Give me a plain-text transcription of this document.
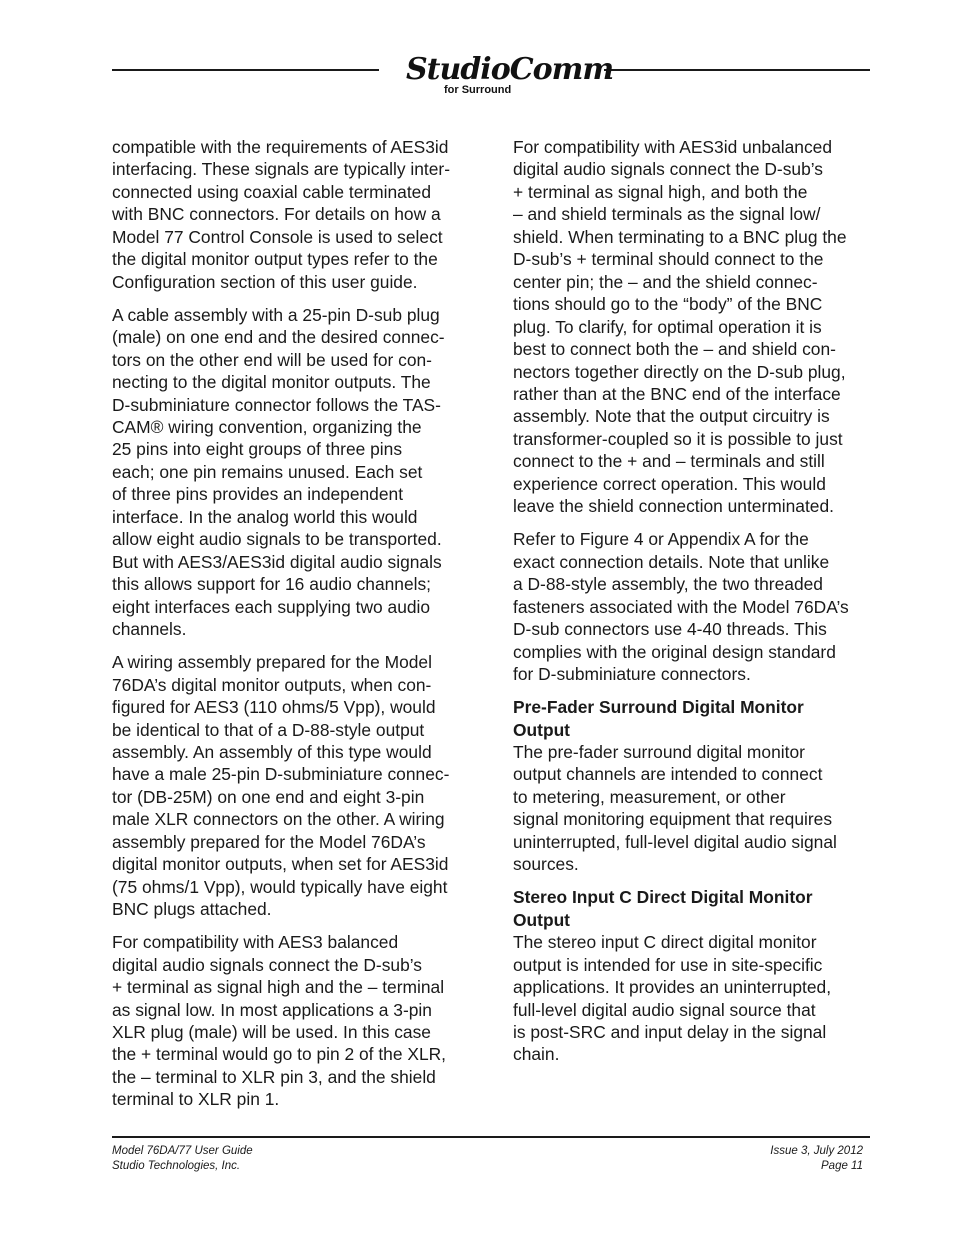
StudioComm
for Surround

compatible with the requirements of AES3id
interfacing. These signals are typically inter-
connected using coaxial cable terminated
with BNC connectors. For details on how a
Model 77 Control Console is used to select
the digital monitor output types refer to the
Configuration section of this user guide.

A cable assembly with a 25-pin D-sub plug
(male) on one end and the desired connec-
tors on the other end will be used for con-
necting to the digital monitor outputs. The
D-subminiature connector follows the TAS-
CAM® wiring convention, organizing the
25 pins into eight groups of three pins
each; one pin remains unused. Each set
of three pins provides an independent
interface. In the analog world this would
allow eight audio signals to be transported.
But with AES3/AES3id digital audio signals
this allows support for 16 audio channels;
eight interfaces each supplying two audio
channels.

A wiring assembly prepared for the Model
76DA’s digital monitor outputs, when con-
figured for AES3 (110 ohms/5 Vpp), would
be identical to that of a D-88-style output
assembly. An assembly of this type would
have a male 25-pin D-subminiature connec-
tor (DB-25M) on one end and eight 3-pin
male XLR connectors on the other. A wiring
assembly prepared for the Model 76DA’s
digital monitor outputs, when set for AES3id
(75 ohms/1 Vpp), would typically have eight
BNC plugs attached.

For compatibility with AES3 balanced
digital audio signals connect the D-sub’s
+ terminal as signal high and the – terminal
as signal low. In most applications a 3-pin
XLR plug (male) will be used. In this case
the + terminal would go to pin 2 of the XLR,
the – terminal to XLR pin 3, and the shield
terminal to XLR pin 1.

For compatibility with AES3id unbalanced
digital audio signals connect the D-sub’s
+ terminal as signal high, and both the
– and shield terminals as the signal low/
shield. When terminating to a BNC plug the
D-sub’s + terminal should connect to the
center pin; the – and the shield connec-
tions should go to the “body” of the BNC
plug. To clarify, for optimal operation it is
best to connect both the – and shield con-
nectors together directly on the D-sub plug,
rather than at the BNC end of the interface
assembly. Note that the output circuitry is
transformer-coupled so it is possible to just
connect to the + and – terminals and still
experience correct operation. This would
leave the shield connection unterminated.

Refer to Figure 4 or Appendix A for the
exact connection details. Note that unlike
a D-88-style assembly, the two threaded
fasteners associated with the Model 76DA’s
D-sub connectors use 4-40 threads. This
complies with the original design standard
for D-subminiature connectors.

Pre-Fader Surround Digital Monitor
Output

The pre-fader surround digital monitor
output channels are intended to connect
to metering, measurement, or other
signal monitoring equipment that requires
uninterrupted, full-level digital audio signal
sources.

Stereo Input C Direct Digital Monitor
Output

The stereo input C direct digital monitor
output is intended for use in site-specific
applications. It provides an uninterrupted,
full-level digital audio signal source that
is post-SRC and input delay in the signal
chain.

Model 76DA/77 User Guide
Studio Technologies, Inc.
Issue 3, July 2012
Page 11
